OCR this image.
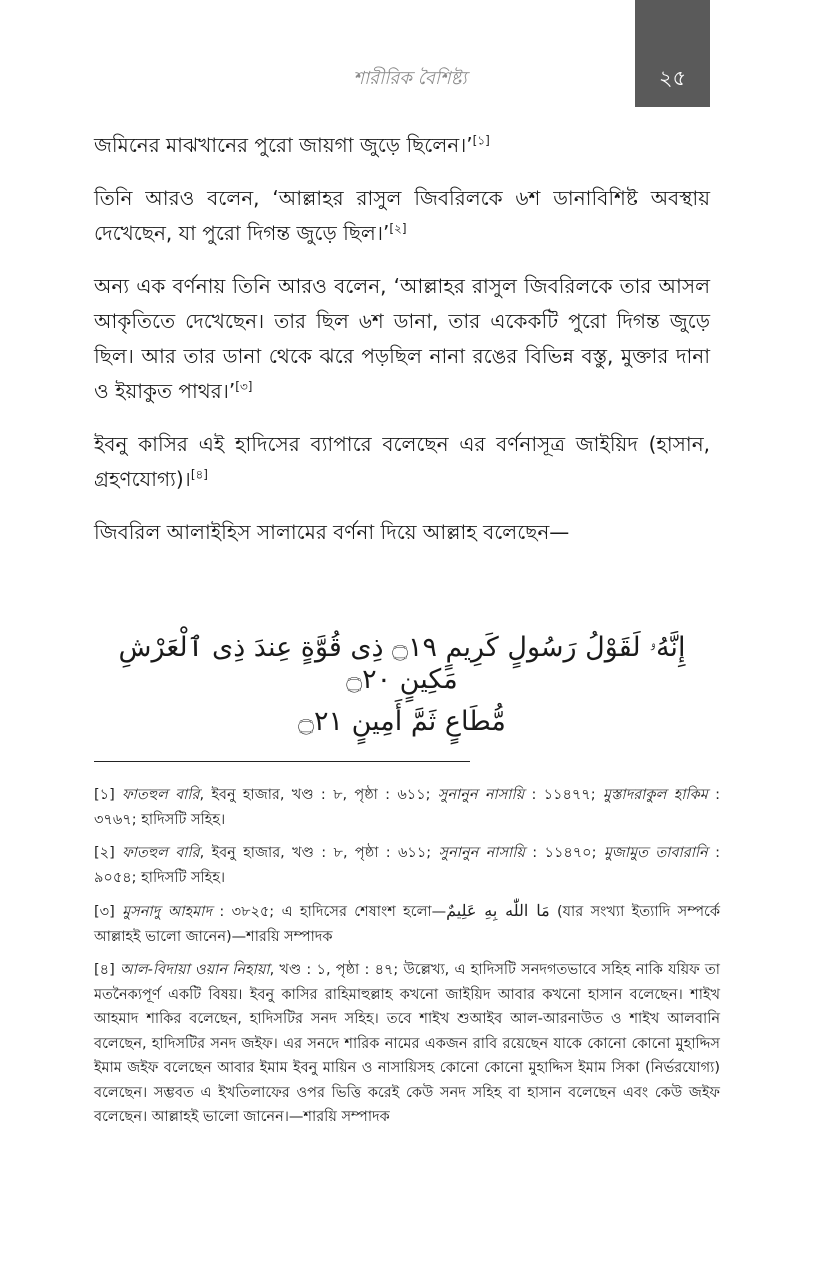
২৫
শারীরিক বৈশিষ্ট্য

জমিনের মাঝখানের পুরো জায়গা জুড়ে ছিলেন।’[১]

তিনি আরও বলেন, ‘আল্লাহর রাসুল জিবরিলকে ৬শ ডানাবিশিষ্ট অবস্থায় দেখেছেন, যা পুরো দিগন্ত জুড়ে ছিল।’[২]

অন্য এক বর্ণনায় তিনি আরও বলেন, ‘আল্লাহর রাসুল জিবরিলকে তার আসল আকৃতিতে দেখেছেন। তার ছিল ৬শ ডানা, তার একেকটি পুরো দিগন্ত জুড়ে ছিল। আর তার ডানা থেকে ঝরে পড়ছিল নানা রঙের বিভিন্ন বস্তু, মুক্তার দানা ও ইয়াকুত পাথর।’[৩]

ইবনু কাসির এই হাদিসের ব্যাপারে বলেছেন এর বর্ণনাসূত্র জাইয়িদ (হাসান, গ্রহণযোগ্য)।[৪]

জিবরিল আলাইহিস সালামের বর্ণনা দিয়ে আল্লাহ বলেছেন—

إِنَّهُۥ لَقَوْلُ رَسُولٍ كَرِيمٍ ۝١٩ ذِى قُوَّةٍ عِندَ ذِى ٱلْعَرْشِ مَكِينٍ ۝٢٠
مُّطَاعٍ ثَمَّ أَمِينٍ ۝٢١

[১] ফাতহুল বারি, ইবনু হাজার, খণ্ড : ৮, পৃষ্ঠা : ৬১১; সুনানুন নাসায়ি : ১১৪৭৭; মুস্তাদরাকুল হাকিম : ৩৭৬৭; হাদিসটি সহিহ।

[২] ফাতহুল বারি, ইবনু হাজার, খণ্ড : ৮, পৃষ্ঠা : ৬১১; সুনানুন নাসায়ি : ১১৪৭০; মুজামুত তাবারানি : ৯০৫৪; হাদিসটি সহিহ।

[৩] মুসনাদু আহমাদ : ৩৮২৫; এ হাদিসের শেষাংশ হলো—مَا اللّٰه بِهِ عَلِيمٌ (যার সংখ্যা ইত্যাদি সম্পর্কে আল্লাহই ভালো জানেন)—শারয়ি সম্পাদক

[৪] আল-বিদায়া ওয়ান নিহায়া, খণ্ড : ১, পৃষ্ঠা : ৪৭; উল্লেখ্য, এ হাদিসটি সনদগতভাবে সহিহ নাকি যয়িফ তা মতনৈক্যপূর্ণ একটি বিষয়। ইবনু কাসির রাহিমাহুল্লাহ কখনো জাইয়িদ আবার কখনো হাসান বলেছেন। শাইখ আহমাদ শাকির বলেছেন, হাদিসটির সনদ সহিহ। তবে শাইখ শুআইব আল-আরনাউত ও শাইখ আলবানি বলেছেন, হাদিসটির সনদ জইফ। এর সনদে শারিক নামের একজন রাবি রয়েছেন যাকে কোনো কোনো মুহাদ্দিস ইমাম জইফ বলেছেন আবার ইমাম ইবনু মায়িন ও নাসায়িসহ কোনো কোনো মুহাদ্দিস ইমাম সিকা (নির্ভরযোগ্য) বলেছেন। সম্ভবত এ ইখতিলাফের ওপর ভিত্তি করেই কেউ সনদ সহিহ বা হাসান বলেছেন এবং কেউ জইফ বলেছেন। আল্লাহই ভালো জানেন।—শারয়ি সম্পাদক
